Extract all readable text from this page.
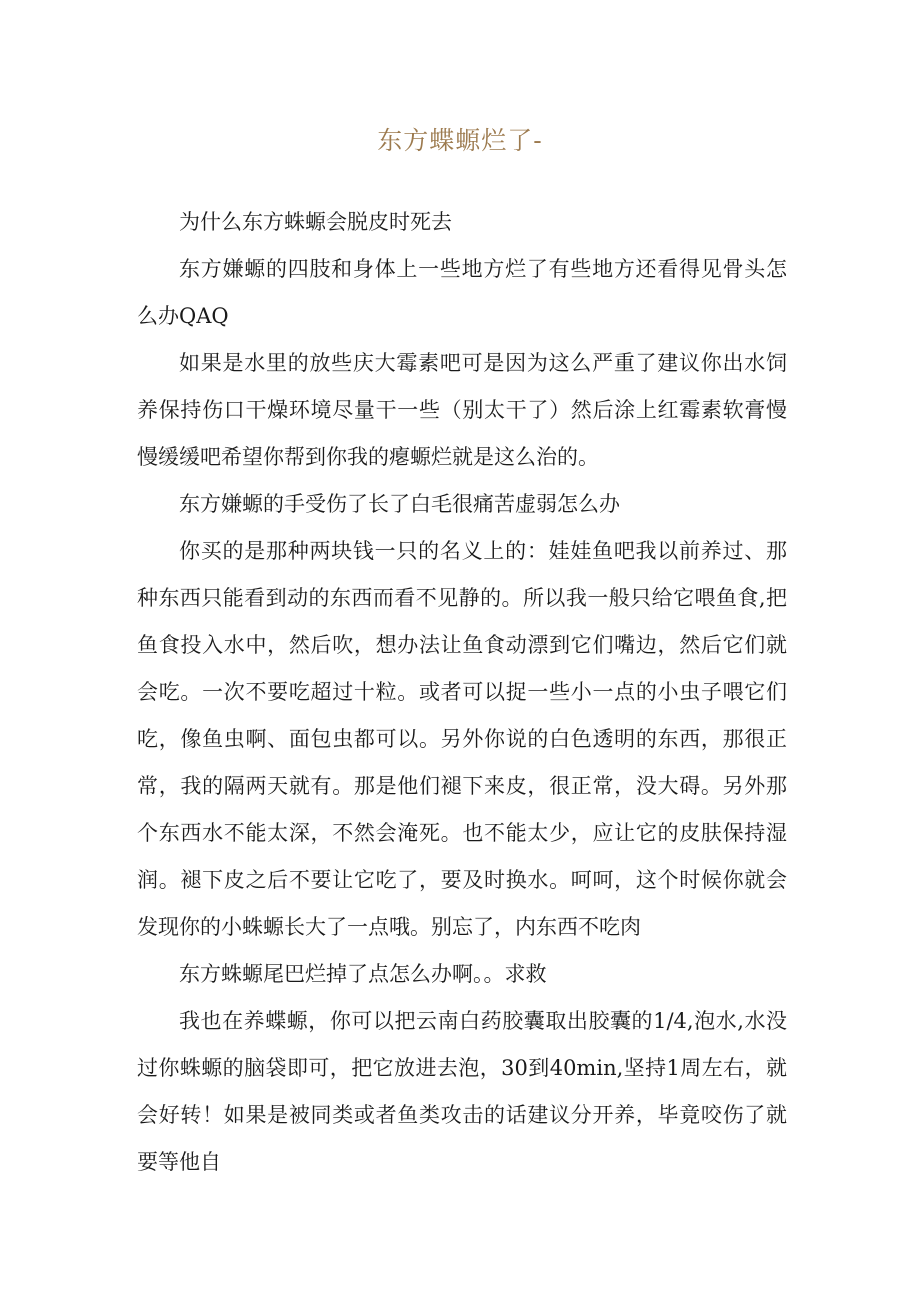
东方蝶螈烂了-

为什么东方蛛螈会脱皮时死去

东方嫌螈的四肢和身体上一些地方烂了有些地方还看得见骨头怎么办QAQ

如果是水里的放些庆大霉素吧可是因为这么严重了建议你出水饲养保持伤口干燥环境尽量干一些（别太干了）然后涂上红霉素软膏慢慢缓缓吧希望你帮到你我的瘪螈烂就是这么治的。

东方嫌螈的手受伤了长了白毛很痛苦虚弱怎么办

你买的是那种两块钱一只的名义上的：娃娃鱼吧我以前养过、那种东西只能看到动的东西而看不见静的。所以我一般只给它喂鱼食,把鱼食投入水中，然后吹，想办法让鱼食动漂到它们嘴边，然后它们就会吃。一次不要吃超过十粒。或者可以捉一些小一点的小虫子喂它们吃，像鱼虫啊、面包虫都可以。另外你说的白色透明的东西，那很正常，我的隔两天就有。那是他们褪下来皮，很正常，没大碍。另外那个东西水不能太深，不然会淹死。也不能太少，应让它的皮肤保持湿润。褪下皮之后不要让它吃了，要及时换水。呵呵，这个时候你就会发现你的小蛛螈长大了一点哦。别忘了，内东西不吃肉

东方蛛螈尾巴烂掉了点怎么办啊。。求救

我也在养蝶螈，你可以把云南白药胶囊取出胶囊的1/4,泡水,水没过你蛛螈的脑袋即可，把它放进去泡，30到40min,坚持1周左右，就会好转！如果是被同类或者鱼类攻击的话建议分开养，毕竟咬伤了就要等他自
